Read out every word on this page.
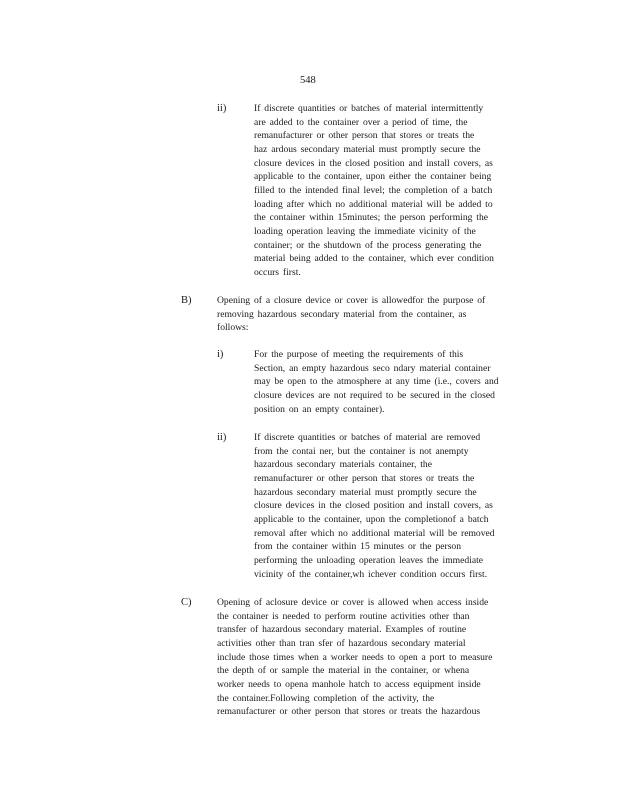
548
ii)	If discrete quantities or batches of material intermittently
are added to the container over a period of time, the
remanufacturer or other person that stores or treats the
haz ardous secondary material must promptly secure the
closure devices in the closed position and install covers, as
applicable to the container, upon either the container being
filled to the intended final level; the completion of a batch
loading after which no additional material will be added to
the container within 15minutes; the person performing the
loading operation leaving the immediate vicinity of the
container; or the shutdown of the process generating the
material being added to the container, which ever condition
occurs first.
B)	Opening of a closure device or cover is allowedfor the purpose of
removing hazardous secondary material from the container, as
follows:
i)	For the purpose of meeting the requirements of this
Section, an empty hazardous seco ndary material container
may be open to the atmosphere at any time (i.e., covers and
closure devices are not required to be secured in the closed
position on an empty container).
ii)	If discrete quantities or batches of material are removed
from the contai ner, but the container is not anempty
hazardous secondary materials container, the
remanufacturer or other person that stores or treats the
hazardous secondary material must promptly secure the
closure devices in the closed position and install covers, as
applicable to the container, upon the completionof a batch
removal after which no additional material will be removed
from the container within 15 minutes or the person
performing the unloading operation leaves the immediate
vicinity of the container,wh ichever condition occurs first.
C)	Opening of aclosure device or cover is allowed when access inside
the container is needed to perform routine activities other than
transfer of hazardous secondary material. Examples of routine
activities other than tran sfer of hazardous secondary material
include those times when a worker needs to open a port to measure
the depth of or sample the material in the container, or whena
worker needs to opena manhole hatch to access equipment inside
the container.Following completion of the activity, the
remanufacturer or other person that stores or treats the hazardous
